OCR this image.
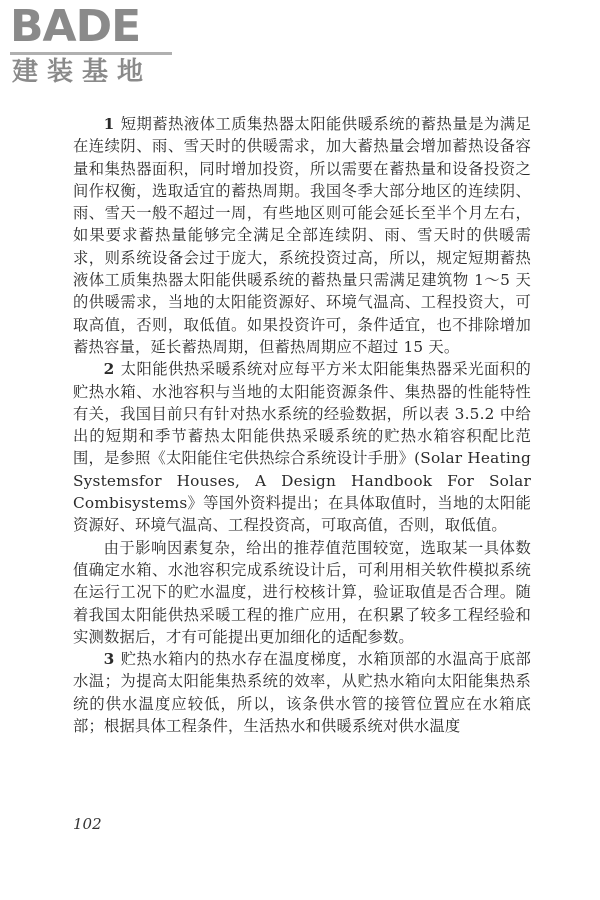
BADE
建装基地

1 短期蓄热液体工质集热器太阳能供暖系统的蓄热量是为满足在连续阴、雨、雪天时的供暖需求，加大蓄热量会增加蓄热设备容量和集热器面积，同时增加投资，所以需要在蓄热量和设备投资之间作权衡，选取适宜的蓄热周期。我国冬季大部分地区的连续阴、雨、雪天一般不超过一周，有些地区则可能会延长至半个月左右，如果要求蓄热量能够完全满足全部连续阴、雨、雪天时的供暖需求，则系统设备会过于庞大，系统投资过高，所以，规定短期蓄热液体工质集热器太阳能供暖系统的蓄热量只需满足建筑物 1～5 天的供暖需求，当地的太阳能资源好、环境气温高、工程投资大，可取高值，否则，取低值。如果投资许可，条件适宜，也不排除增加蓄热容量，延长蓄热周期，但蓄热周期应不超过 15 天。

2 太阳能供热采暖系统对应每平方米太阳能集热器采光面积的贮热水箱、水池容积与当地的太阳能资源条件、集热器的性能特性有关，我国目前只有针对热水系统的经验数据，所以表 3.5.2 中给出的短期和季节蓄热太阳能供热采暖系统的贮热水箱容积配比范围，是参照《太阳能住宅供热综合系统设计手册》(Solar Heating Systemsfor Houses, A Design Handbook For Solar Combisystems》等国外资料提出；在具体取值时，当地的太阳能资源好、环境气温高、工程投资高，可取高值，否则，取低值。

由于影响因素复杂，给出的推荐值范围较宽，选取某一具体数值确定水箱、水池容积完成系统设计后，可利用相关软件模拟系统在运行工况下的贮水温度，进行校核计算，验证取值是否合理。随着我国太阳能供热采暖工程的推广应用，在积累了较多工程经验和实测数据后，才有可能提出更加细化的适配参数。

3 贮热水箱内的热水存在温度梯度，水箱顶部的水温高于底部水温；为提高太阳能集热系统的效率，从贮热水箱向太阳能集热系统的供水温度应较低，所以，该条供水管的接管位置应在水箱底部；根据具体工程条件，生活热水和供暖系统对供水温度

102
